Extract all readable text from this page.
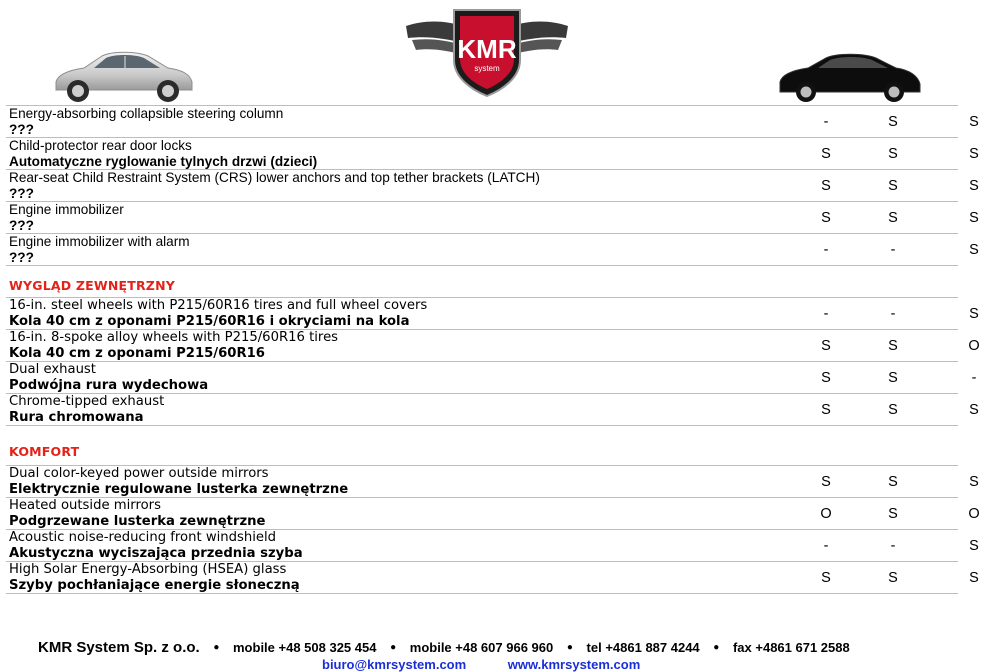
KMR
system
Energy-absorbing collapsible steering column
???	-	S	S
Child-protector rear door locks
Automatyczne ryglowanie tylnych drzwi (dzieci)	S	S	S
Rear-seat Child Restraint System (CRS) lower anchors and top tether brackets (LATCH)
???	S	S	S
Engine immobilizer
???	S	S	S
Engine immobilizer with alarm
???	-	-	S
WYGLĄD ZEWNĘTRZNY
16-in. steel wheels with P215/60R16 tires and full wheel covers
Kola 40 cm z oponami P215/60R16 i okryciami na kola	-	-	S
16-in. 8-spoke alloy wheels with P215/60R16 tires
Kola 40 cm z oponami P215/60R16	S	S	O
Dual exhaust
Podwójna rura wydechowa	S	S	-
Chrome-tipped exhaust
Rura chromowana	S	S	S
KOMFORT
Dual color-keyed power outside mirrors
Elektrycznie regulowane lusterka zewnętrzne	S	S	S
Heated outside mirrors
Podgrzewane lusterka zewnętrzne	O	S	O
Acoustic noise-reducing front windshield
Akustyczna wyciszająca przednia szyba	-	-	S
High Solar Energy-Absorbing (HSEA) glass
Szyby pochłaniające energie słoneczną	S	S	S
KMR System Sp. z o.o. ● mobile +48 508 325 454 ● mobile +48 607 966 960 ● tel +4861 887 4244 ● fax +4861 671 2588
biuro@kmrsystem.com	www.kmrsystem.com
